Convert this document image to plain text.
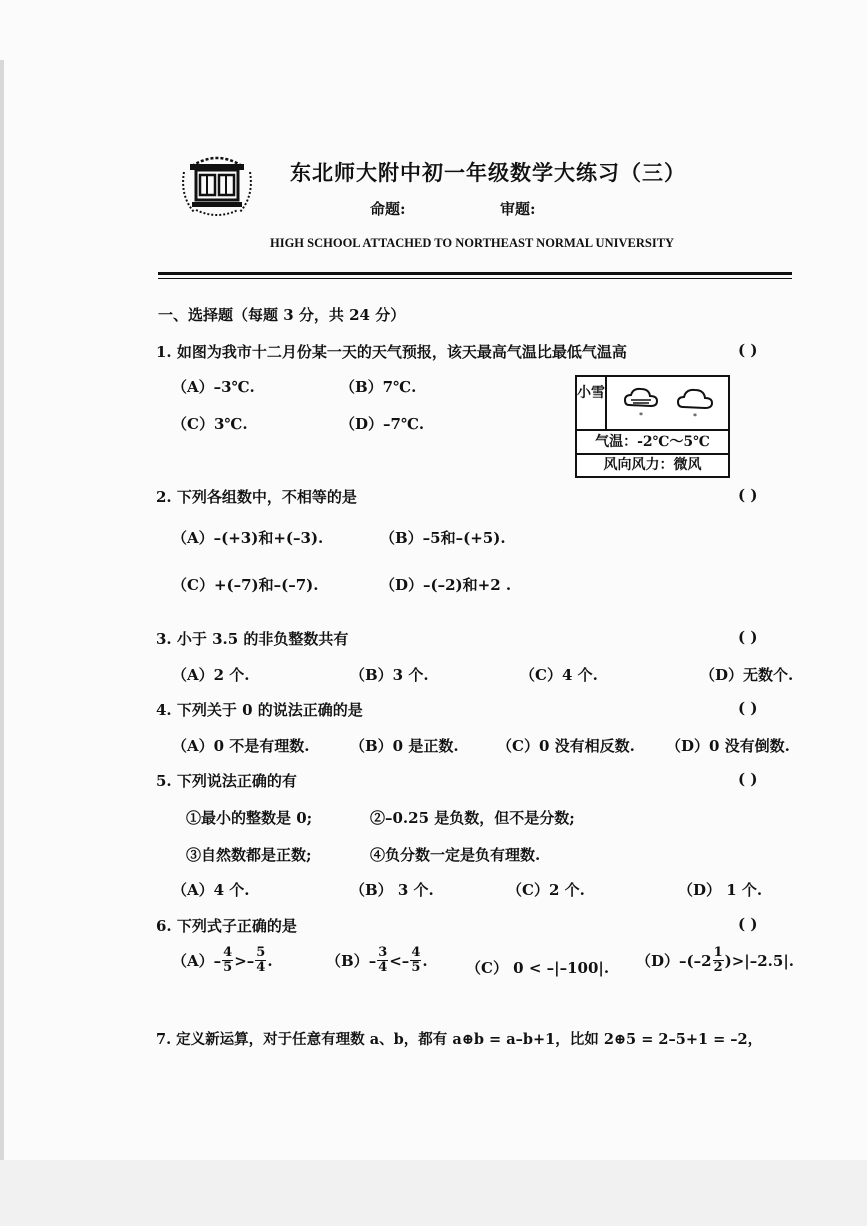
东北师大附中初一年级数学大练习（三）
命题:	审题:
HIGH SCHOOL ATTACHED TO NORTHEAST NORMAL UNIVERSITY
一、选择题（每题 3 分，共 24 分）
1. 如图为我市十二月份某一天的天气预报，该天最高气温比最低气温高	( )
（A）–3℃.	（B）7℃.
（C）3℃.	（D）–7℃.
小雪
*	*
气温：-2℃～5℃
风向风力：微风
2. 下列各组数中，不相等的是	( )
（A）–(+3)和+(–3).	（B）–5和–(+5).
（C）+(–7)和–(–7).	（D）–(–2)和+2 .
3. 小于 3.5 的非负整数共有	( )
（A）2 个.	（B）3 个.	（C）4 个.	（D）无数个.
4. 下列关于 0 的说法正确的是	( )
（A）0 不是有理数.	（B）0 是正数.	（C）0 没有相反数. （D）0 没有倒数.
5. 下列说法正确的有	( )
①最小的整数是 0;	②–0.25 是负数，但不是分数;
③自然数都是正数;	④负分数一定是负有理数.
（A）4 个.	（B） 3 个.	（C）2 个.	（D） 1 个.
6. 下列式子正确的是	( )
$(A) - \frac{4}{5} >- \frac{5}{4}$ .	$(B) - \frac{3}{4} <- \frac{4}{5}$ .	（C） 0 < –|–100|. （D） $-(-2 \frac{1}{2} )>|-2.5|$.
7. 定义新运算，对于任意有理数 a、b，都有 a⊕b = a–b+1，比如 2⊕5 = 2–5+1 = –2，
